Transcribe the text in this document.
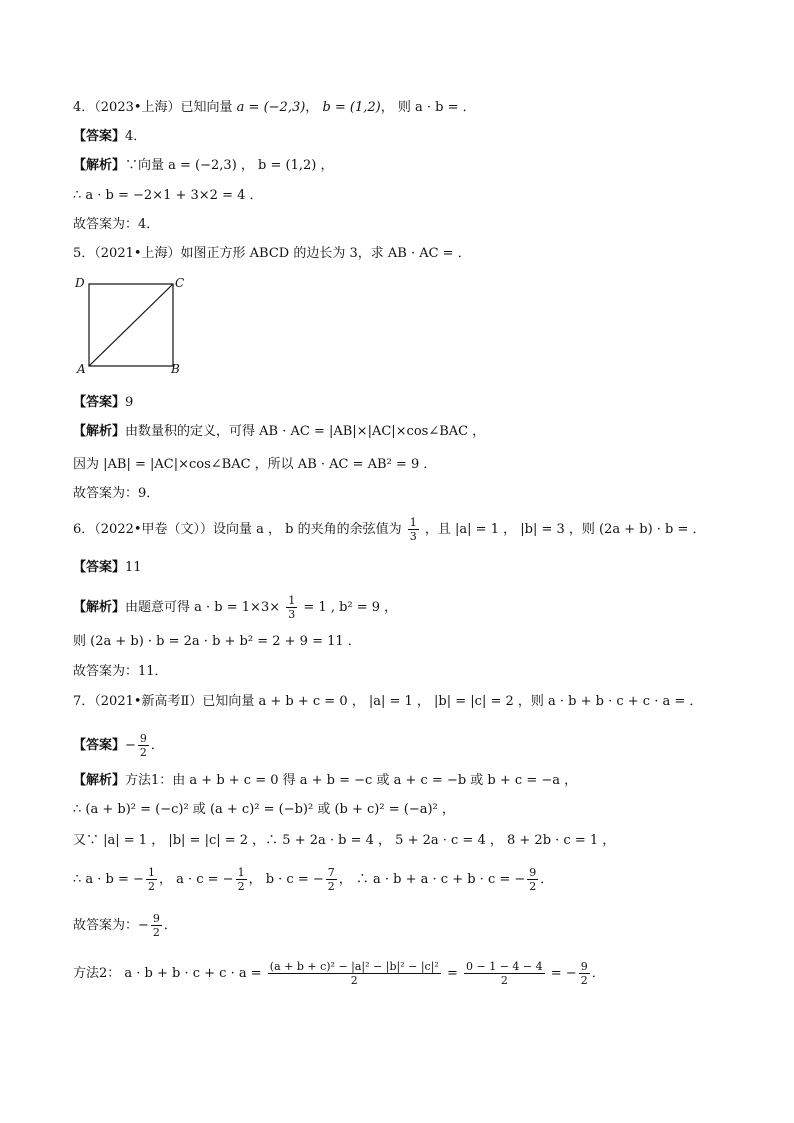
4．（2023•上海）已知向量 a = (−2,3)， b = (1,2)， 则 a · b = ．
【答案】4．
【解析】∵向量 a = (−2,3) ， b = (1,2) ，
∴ a · b = −2×1 + 3×2 = 4 ．
故答案为：4．
5．（2021•上海）如图正方形 ABCD 的边长为 3，求 AB · AC = ．
D	C
A	B
【答案】9
【解析】由数量积的定义，可得 AB · AC = |AB|×|AC|×cos∠BAC ，
因为 |AB| = |AC|×cos∠BAC ，所以 AB · AC = AB² = 9 ．
故答案为：9．
6．（2022•甲卷（文））设向量 a ， b 的夹角的余弦值为 $\frac{1}{3}$ ，且 |a| = 1 ， |b| = 3 ，则 (2a + b) · b = ．
【答案】11
【解析】由题意可得 $a \cdot b = 1\times 3\times \frac{1}{3} = 1$ , b² = 9 ，
则 (2a + b) · b = 2a · b + b² = 2 + 9 = 11 ．
故答案为：11．
7．（2021•新高考Ⅱ）已知向量 a + b + c = 0 ， |a| = 1 ， |b| = |c| = 2 ，则 a · b + b · c + c · a = ．
【答案】− $\frac{9}{2}$ ．
【解析】方法1：由 a + b + c = 0 得 a + b = −c 或 a + c = −b 或 b + c = −a ，
∴ (a + b)² = (−c)² 或 (a + c)² = (−b)² 或 (b + c)² = (−a)² ，
又∵ |a| = 1 ， |b| = |c| = 2 ，∴ 5 + 2a · b = 4 ， 5 + 2a · c = 4 ， 8 + 2b · c = 1 ，
∴ a · b = − $\frac{1}{2}$ ， a · c = − $\frac{1}{2}$ ， b · c = − $\frac{7}{2}$ ， ∴ a · b + a · c + b · c = − $\frac{9}{2}$ ．
故答案为：− $\frac{9}{2}$ ．
方法2： $a \cdot b + b \cdot c + c \cdot a = \frac{\text{(a + b + c)² − |a|² − |b|² − |c|²}}{2} = \frac{0 - 1 - 4 - 4}{2}$ = − $\frac{9}{2}$ ．
